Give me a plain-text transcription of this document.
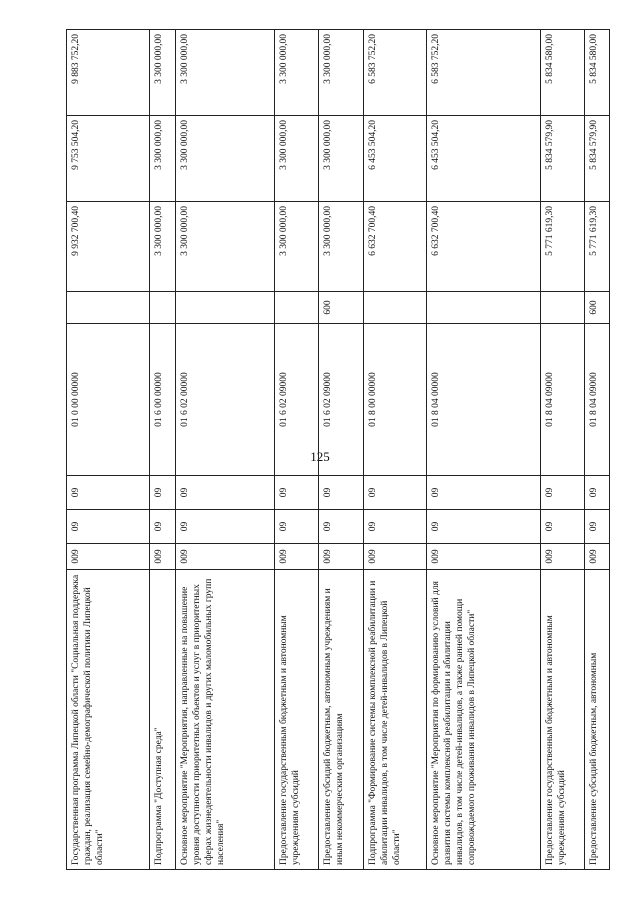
125
Государственная программа Липецкой области "Социальная поддержка граждан, реализация семейно-демографической политики Липецкой области"	009	09	09	01 0 00 00000		9 932 700,40	9 753 504,20	9 883 752,20
Подпрограмма "Доступная среда"	009	09	09	01 6 00 00000		3 300 000,00	3 300 000,00	3 300 000,00
Основное мероприятие "Мероприятия, направленные на повышение уровня доступности приоритетных объектов и услуг в приоритетных сферах жизнедеятельности инвалидов и других маломобильных групп населения"	009	09	09	01 6 02 00000		3 300 000,00	3 300 000,00	3 300 000,00
Предоставление государственным бюджетным и автономным учреждениям субсидий	009	09	09	01 6 02 09000		3 300 000,00	3 300 000,00	3 300 000,00
Предоставление субсидий бюджетным, автономным учреждениям и иным некоммерческим организациям	009	09	09	01 6 02 09000	600	3 300 000,00	3 300 000,00	3 300 000,00
Подпрограмма "Формирование системы комплексной реабилитации и абилитации инвалидов, в том числе детей-инвалидов в Липецкой области"	009	09	09	01 8 00 00000		6 632 700,40	6 453 504,20	6 583 752,20
Основное мероприятие "Мероприятия по формированию условий для развития системы комплексной реабилитации и абилитации инвалидов, в том числе детей-инвалидов, а также ранней помощи сопровождаемого проживания инвалидов в Липецкой области"	009	09	09	01 8 04 00000		6 632 700,40	6 453 504,20	6 583 752,20
Предоставление государственным бюджетным и автономным учреждениям субсидий	009	09	09	01 8 04 09000		5 771 619,30	5 834 579,90	5 834 580,00
Предоставление субсидий бюджетным, автономным	009	09	09	01 8 04 09000	600	5 771 619,30	5 834 579,90	5 834 580,00
